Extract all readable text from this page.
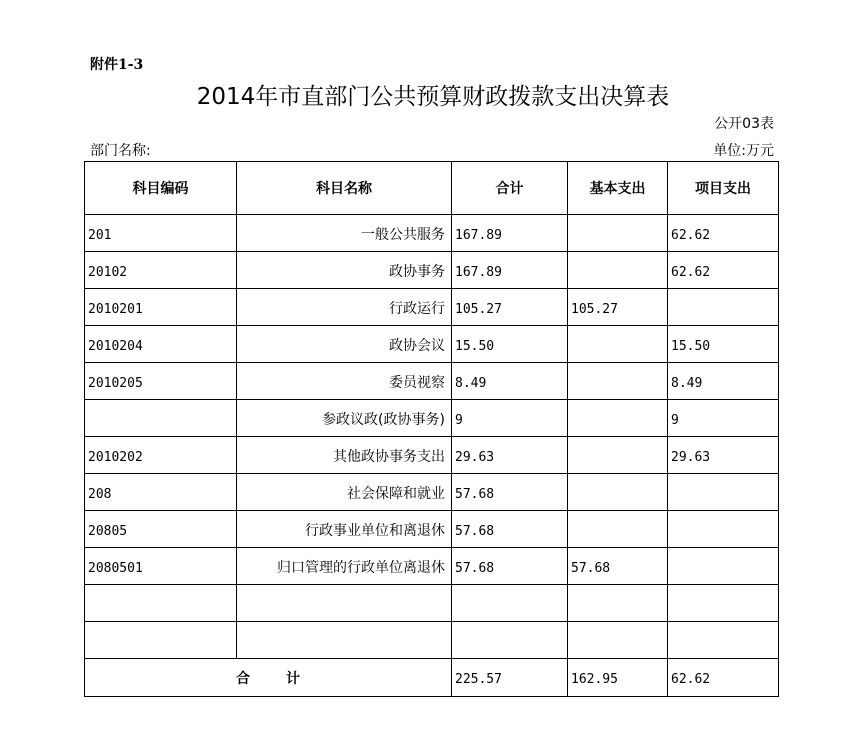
附件1-3
2014年市直部门公共预算财政拨款支出决算表
公开03表
部门名称:	单位:万元
科目编码	科目名称	合计	基本支出	项目支出
201	一般公共服务	167.89		62.62
20102	政协事务	167.89		62.62
2010201	行政运行	105.27	105.27	
2010204	政协会议	15.50		15.50
2010205	委员视察	8.49		8.49
	参政议政(政协事务)	9		9
2010202	其他政协事务支出	29.63		29.63
208	社会保障和就业	57.68		
20805	行政事业单位和离退休	57.68		
2080501	归口管理的行政单位离退休	57.68	57.68	

合 计		225.57	162.95	62.62
